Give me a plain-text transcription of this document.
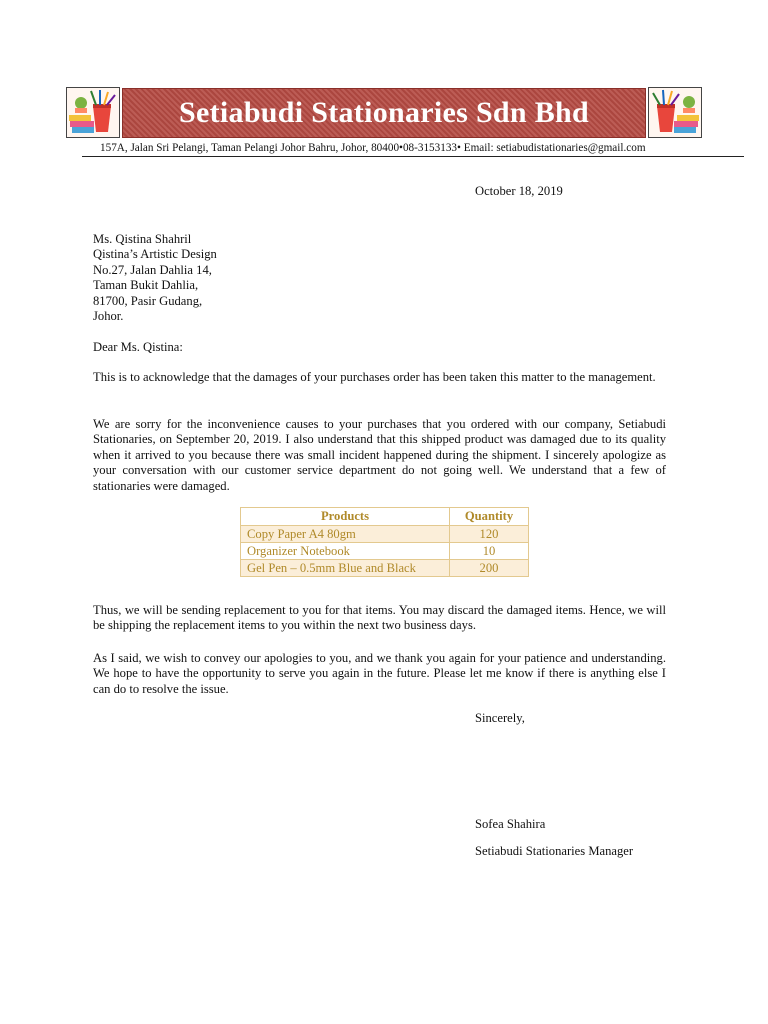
Setiabudi Stationaries Sdn Bhd
157A, Jalan Sri Pelangi, Taman Pelangi Johor Bahru, Johor, 80400•08-3153133• Email: setiabudistationaries@gmail.com
October 18, 2019
Ms. Qistina Shahril
Qistina’s Artistic Design
No.27, Jalan Dahlia 14,
Taman Bukit Dahlia,
81700, Pasir Gudang,
Johor.
Dear Ms. Qistina:

This is to acknowledge that the damages of your purchases order has been taken this matter to the management.

We are sorry for the inconvenience causes to your purchases that you ordered with our company, Setiabudi Stationaries, on September 20, 2019. I also understand that this shipped product was damaged due to its quality when it arrived to you because there was small incident happened during the shipment. I sincerely apologize as your conversation with our customer service department do not going well. We understand that a few of stationaries were damaged.

Products	Quantity
Copy Paper A4 80gm	120
Organizer Notebook	10
Gel Pen – 0.5mm Blue and Black	200

Thus, we will be sending replacement to you for that items. You may discard the damaged items. Hence, we will be shipping the replacement items to you within the next two business days.

As I said, we wish to convey our apologies to you, and we thank you again for your patience and understanding. We hope to have the opportunity to serve you again in the future. Please let me know if there is anything else I can do to resolve the issue.

Sincerely,
Sofea Shahira
Setiabudi Stationaries Manager
